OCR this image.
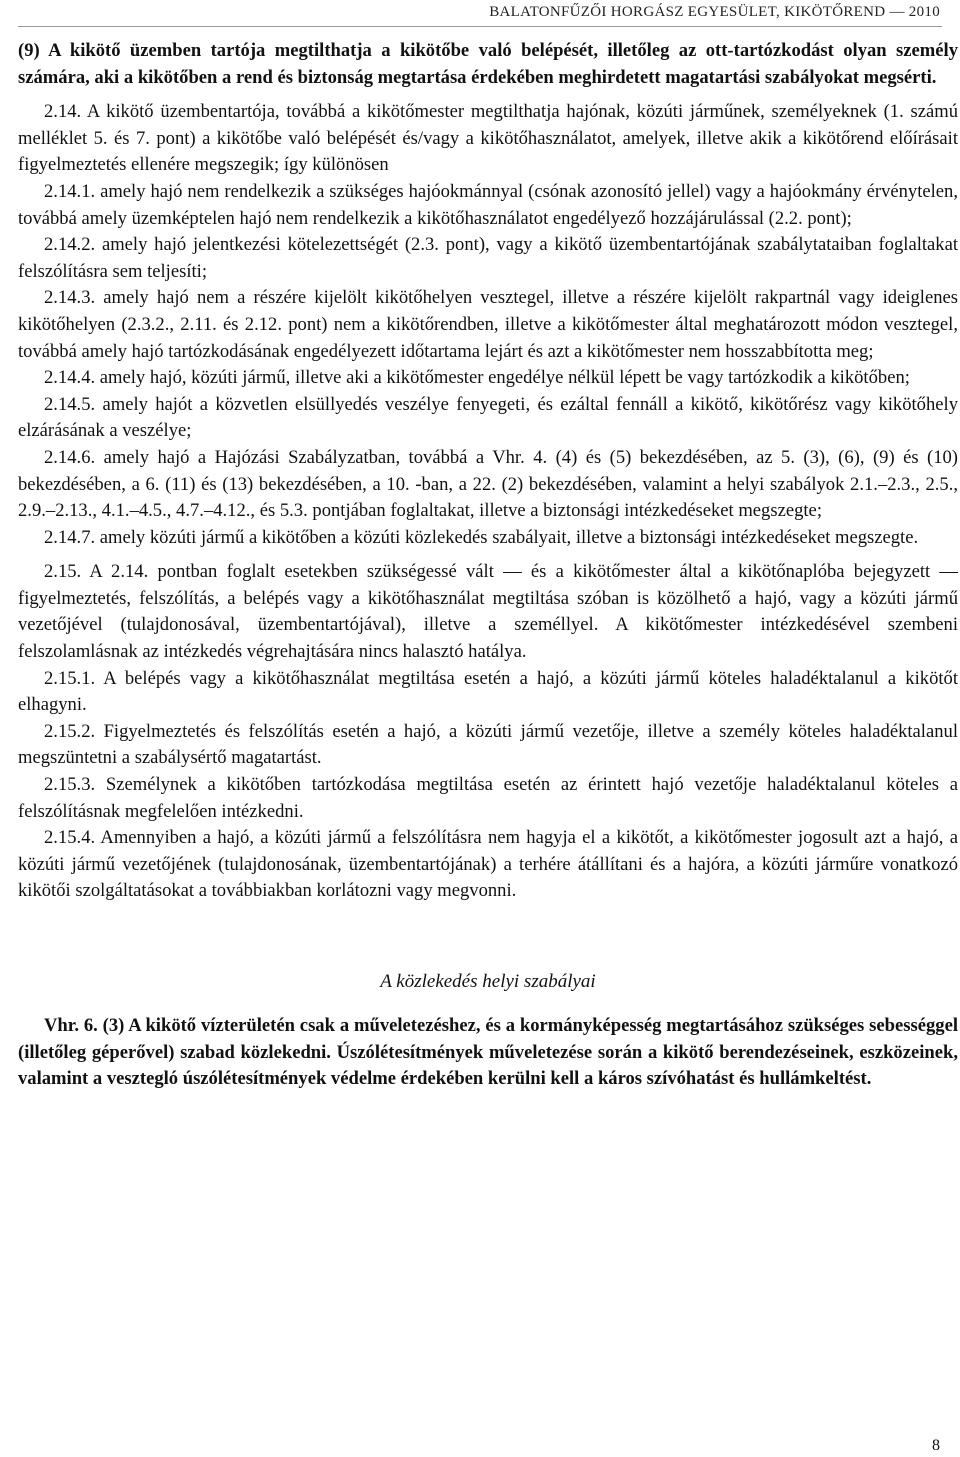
BALATONFŰZŐI HORGÁSZ EGYESÜLET, KIKÖTŐREND — 2010

(9) A kikötő üzemben tartója megtilthatja a kikötőbe való belépését, illetőleg az ott-tartózkodást olyan személy számára, aki a kikötőben a rend és biztonság megtartása érdekében meghirdetett magatartási szabályokat megsérti.

2.14. A kikötő üzembentartója, továbbá a kikötőmester megtilthatja hajónak, közúti járműnek, személyeknek (1. számú melléklet 5. és 7. pont) a kikötőbe való belépését és/vagy a kikötőhasználatot, amelyek, illetve akik a kikötőrend előírásait figyelmeztetés ellenére megszegik; így különösen

2.14.1. amely hajó nem rendelkezik a szükséges hajóokmánnyal (csónak azonosító jellel) vagy a hajóokmány érvénytelen, továbbá amely üzemképtelen hajó nem rendelkezik a kikötőhasználatot engedélyező hozzájárulással (2.2. pont);

2.14.2. amely hajó jelentkezési kötelezettségét (2.3. pont), vagy a kikötő üzembentartójának szabálytataiban foglaltakat felszólításra sem teljesíti;

2.14.3. amely hajó nem a részére kijelölt kikötőhelyen vesztegel, illetve a részére kijelölt rakpartnál vagy ideiglenes kikötőhelyen (2.3.2., 2.11. és 2.12. pont) nem a kikötőrendben, illetve a kikötőmester által meghatározott módon vesztegel, továbbá amely hajó tartózkodásának engedélyezett időtartama lejárt és azt a kikötőmester nem hosszabbította meg;

2.14.4. amely hajó, közúti jármű, illetve aki a kikötőmester engedélye nélkül lépett be vagy tartózkodik a kikötőben;

2.14.5. amely hajót a közvetlen elsüllyedés veszélye fenyegeti, és ezáltal fennáll a kikötő, kikötőrész vagy kikötőhely elzárásának a veszélye;

2.14.6. amely hajó a Hajózási Szabályzatban, továbbá a Vhr. 4. (4) és (5) bekezdésében, az 5. (3), (6), (9) és (10) bekezdésében, a 6. (11) és (13) bekezdésében, a 10. -ban, a 22. (2) bekezdésében, valamint a helyi szabályok 2.1.–2.3., 2.5., 2.9.–2.13., 4.1.–4.5., 4.7.–4.12., és 5.3. pontjában foglaltakat, illetve a biztonsági intézkedéseket megszegte;

2.14.7. amely közúti jármű a kikötőben a közúti közlekedés szabályait, illetve a biztonsági intézkedéseket megszegte.

2.15. A 2.14. pontban foglalt esetekben szükségessé vált — és a kikötőmester által a kikötőnaplóba bejegyzett — figyelmeztetés, felszólítás, a belépés vagy a kikötőhasználat megtiltása szóban is közölhető a hajó, vagy a közúti jármű vezetőjével (tulajdonosával, üzembentartójával), illetve a személlyel. A kikötőmester intézkedésével szembeni felszolamlásnak az intézkedés végrehajtására nincs halasztó hatálya.

2.15.1. A belépés vagy a kikötőhasználat megtiltása esetén a hajó, a közúti jármű köteles haladéktalanul a kikötőt elhagyni.

2.15.2. Figyelmeztetés és felszólítás esetén a hajó, a közúti jármű vezetője, illetve a személy köteles haladéktalanul megszüntetni a szabálysértő magatartást.

2.15.3. Személynek a kikötőben tartózkodása megtiltása esetén az érintett hajó vezetője haladéktalanul köteles a felszólításnak megfelelően intézkedni.

2.15.4. Amennyiben a hajó, a közúti jármű a felszólításra nem hagyja el a kikötőt, a kikötőmester jogosult azt a hajó, a közúti jármű vezetőjének (tulajdonosának, üzembentartójának) a terhére átállítani és a hajóra, a közúti járműre vonatkozó kikötői szolgáltatásokat a továbbiakban korlátozni vagy megvonni.

A közlekedés helyi szabályai

Vhr. 6. (3) A kikötő vízterületén csak a műveletezéshez, és a kormányképesség megtartásához szükséges sebességgel (illetőleg géperővel) szabad közlekedni. Úszólétesítmények műveletezése során a kikötő berendezéseinek, eszközeinek, valamint a vesztegló úszólétesítmények védelme érdekében kerülni kell a káros szívóhatást és hullámkeltést.

8
